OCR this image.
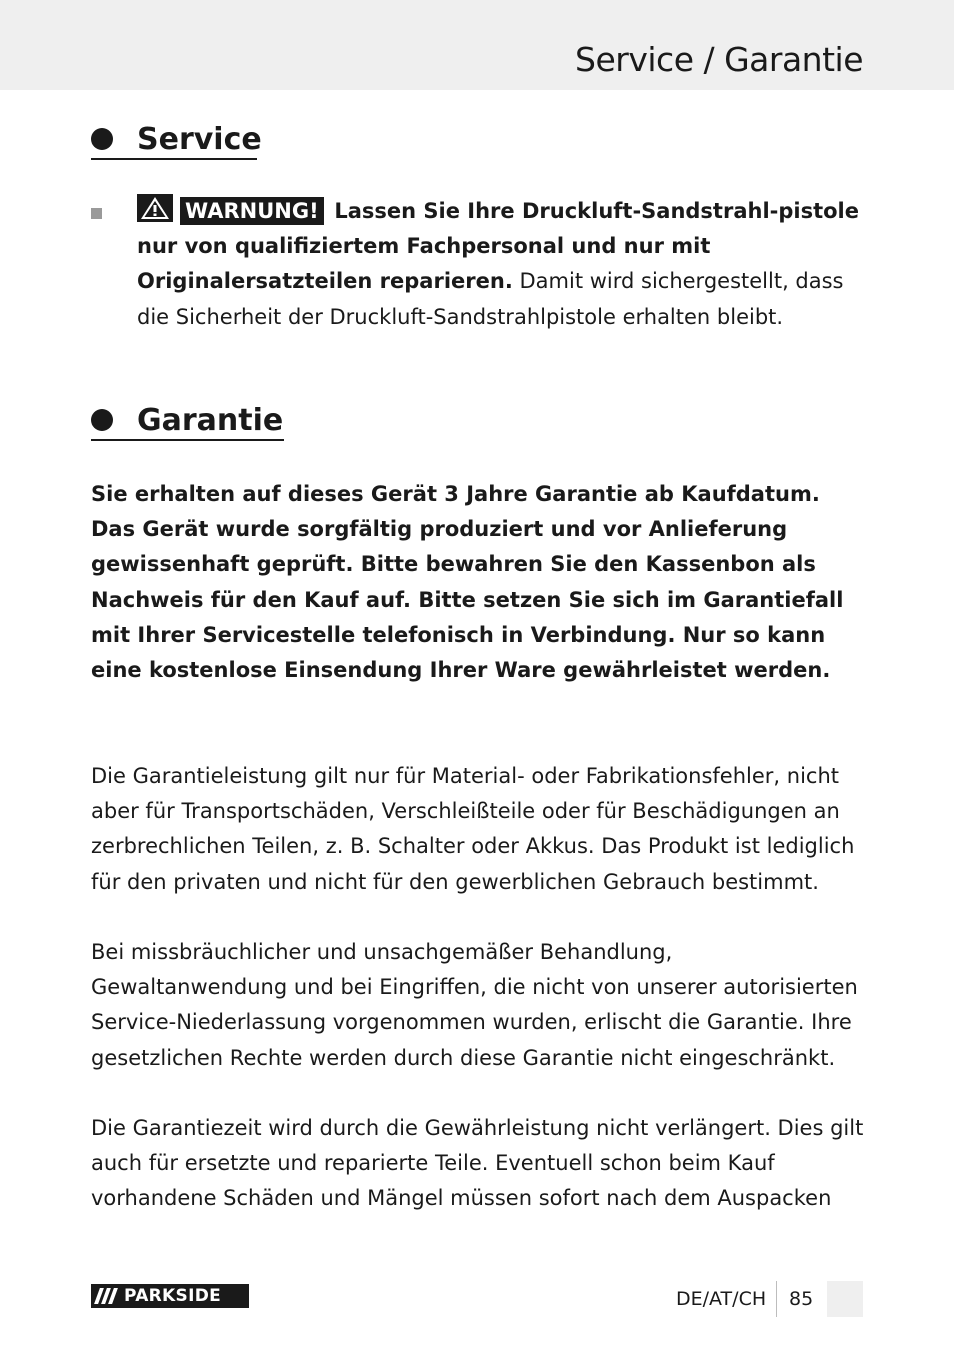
Service / Garantie
Service
WARNUNG! Lassen Sie Ihre Druckluft-Sandstrahl-pistole nur von qualifiziertem Fachpersonal und nur mit Originalersatzteilen reparieren. Damit wird sichergestellt, dass die Sicherheit der Druckluft-Sandstrahlpistole erhalten bleibt.
Garantie
Sie erhalten auf dieses Gerät 3 Jahre Garantie ab Kaufdatum. Das Gerät wurde sorgfältig produziert und vor Anlieferung gewissenhaft geprüft. Bitte bewahren Sie den Kassenbon als Nachweis für den Kauf auf. Bitte setzen Sie sich im Garantiefall mit Ihrer Servicestelle telefonisch in Verbindung. Nur so kann eine kostenlose Einsendung Ihrer Ware gewährleistet werden.
Die Garantieleistung gilt nur für Material- oder Fabrikationsfehler, nicht aber für Transportschäden, Verschleißteile oder für Beschädigungen an zerbrechlichen Teilen, z. B. Schalter oder Akkus. Das Produkt ist lediglich für den privaten und nicht für den gewerblichen Gebrauch bestimmt.
Bei missbräuchlicher und unsachgemäßer Behandlung, Gewaltanwendung und bei Eingriffen, die nicht von unserer autorisierten Service-Niederlassung vorgenommen wurden, erlischt die Garantie. Ihre gesetzlichen Rechte werden durch diese Garantie nicht eingeschränkt.
Die Garantiezeit wird durch die Gewährleistung nicht verlängert. Dies gilt auch für ersetzte und reparierte Teile. Eventuell schon beim Kauf vorhandene Schäden und Mängel müssen sofort nach dem Auspacken
PARKSIDE	DE/AT/CH 85
